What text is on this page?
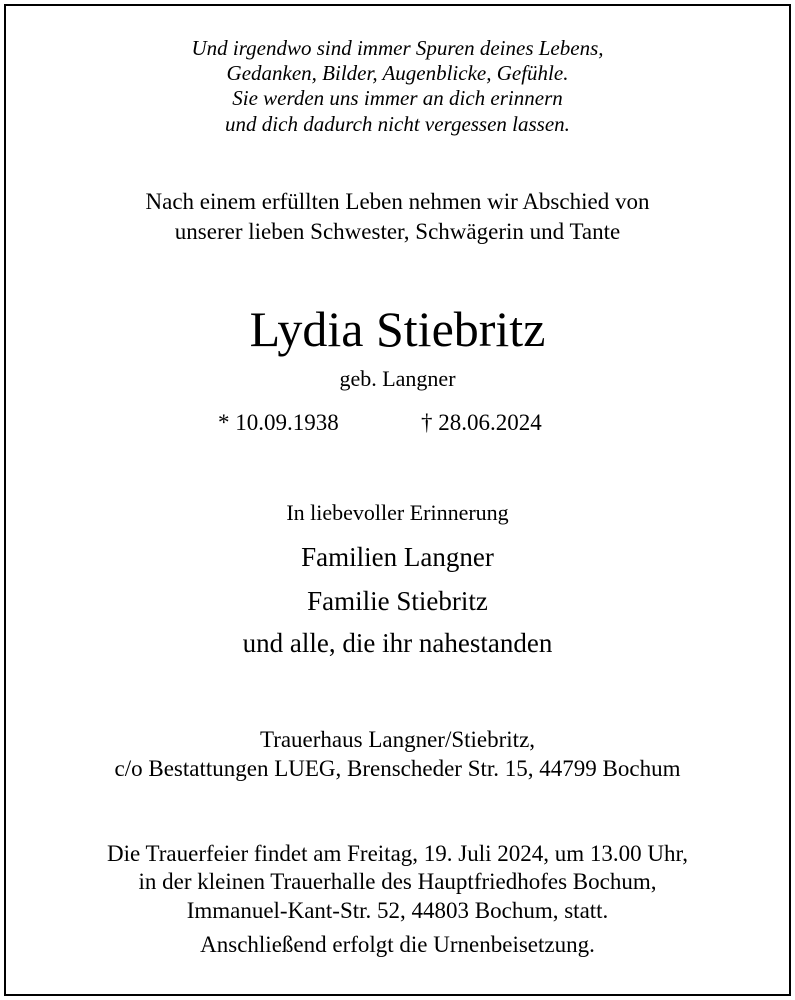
Und irgendwo sind immer Spuren deines Lebens,
Gedanken, Bilder, Augenblicke, Gefühle.
Sie werden uns immer an dich erinnern
und dich dadurch nicht vergessen lassen.
Nach einem erfüllten Leben nehmen wir Abschied von
unserer lieben Schwester, Schwägerin und Tante
Lydia Stiebritz
geb. Langner
* 10.09.1938	† 28.06.2024
In liebevoller Erinnerung
Familien Langner
Familie Stiebritz
und alle, die ihr nahestanden
Trauerhaus Langner/Stiebritz,
c/o Bestattungen LUEG, Brenscheder Str. 15, 44799 Bochum
Die Trauerfeier findet am Freitag, 19. Juli 2024, um 13.00 Uhr,
in der kleinen Trauerhalle des Hauptfriedhofes Bochum,
Immanuel-Kant-Str. 52, 44803 Bochum, statt.
Anschließend erfolgt die Urnenbeisetzung.
